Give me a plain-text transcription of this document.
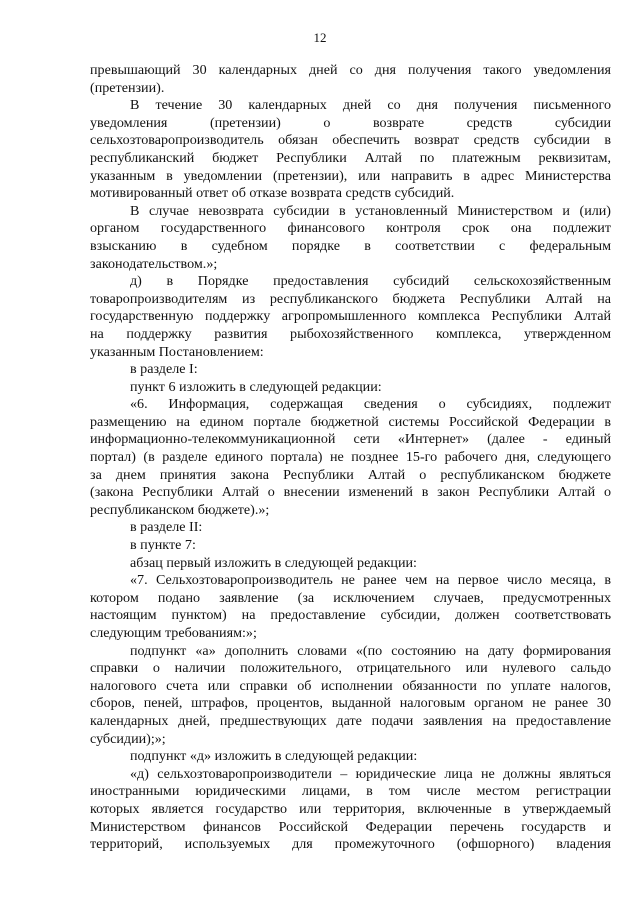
12

превышающий 30 календарных дней со дня получения такого уведомления

(претензии).

В течение 30 календарных дней со дня получения письменного

уведомления (претензии) о возврате средств субсидии

сельхозтоваропроизводитель обязан обеспечить возврат средств субсидии в

республиканский бюджет Республики Алтай по платежным реквизитам,

указанным в уведомлении (претензии), или направить в адрес Министерства

мотивированный ответ об отказе возврата средств субсидий.

В случае невозврата субсидии в установленный Министерством и (или)

органом государственного финансового контроля срок она подлежит

взысканию в судебном порядке в соответствии с федеральным

законодательством.»;

д) в Порядке предоставления субсидий сельскохозяйственным

товаропроизводителям из республиканского бюджета Республики Алтай на

государственную поддержку агропромышленного комплекса Республики Алтай

на поддержку развития рыбохозяйственного комплекса, утвержденном

указанным Постановлением:

в разделе I:

пункт 6 изложить в следующей редакции:

«6. Информация, содержащая сведения о субсидиях, подлежит

размещению на едином портале бюджетной системы Российской Федерации в

информационно-телекоммуникационной сети «Интернет» (далее - единый

портал) (в разделе единого портала) не позднее 15-го рабочего дня, следующего

за днем принятия закона Республики Алтай о республиканском бюджете

(закона Республики Алтай о внесении изменений в закон Республики Алтай о

республиканском бюджете).»;

в разделе II:

в пункте 7:

абзац первый изложить в следующей редакции:

«7. Сельхозтоваропроизводитель не ранее чем на первое число месяца, в

котором подано заявление (за исключением случаев, предусмотренных

настоящим пунктом) на предоставление субсидии, должен соответствовать

следующим требованиям:»;

подпункт «а» дополнить словами «(по состоянию на дату формирования

справки о наличии положительного, отрицательного или нулевого сальдо

налогового счета или справки об исполнении обязанности по уплате налогов,

сборов, пеней, штрафов, процентов, выданной налоговым органом не ранее 30

календарных дней, предшествующих дате подачи заявления на предоставление

субсидии);»;

подпункт «д» изложить в следующей редакции:

«д) сельхозтоваропроизводители – юридические лица не должны являться

иностранными юридическими лицами, в том числе местом регистрации

которых является государство или территория, включенные в утверждаемый

Министерством финансов Российской Федерации перечень государств и

территорий, используемых для промежуточного (офшорного) владения
